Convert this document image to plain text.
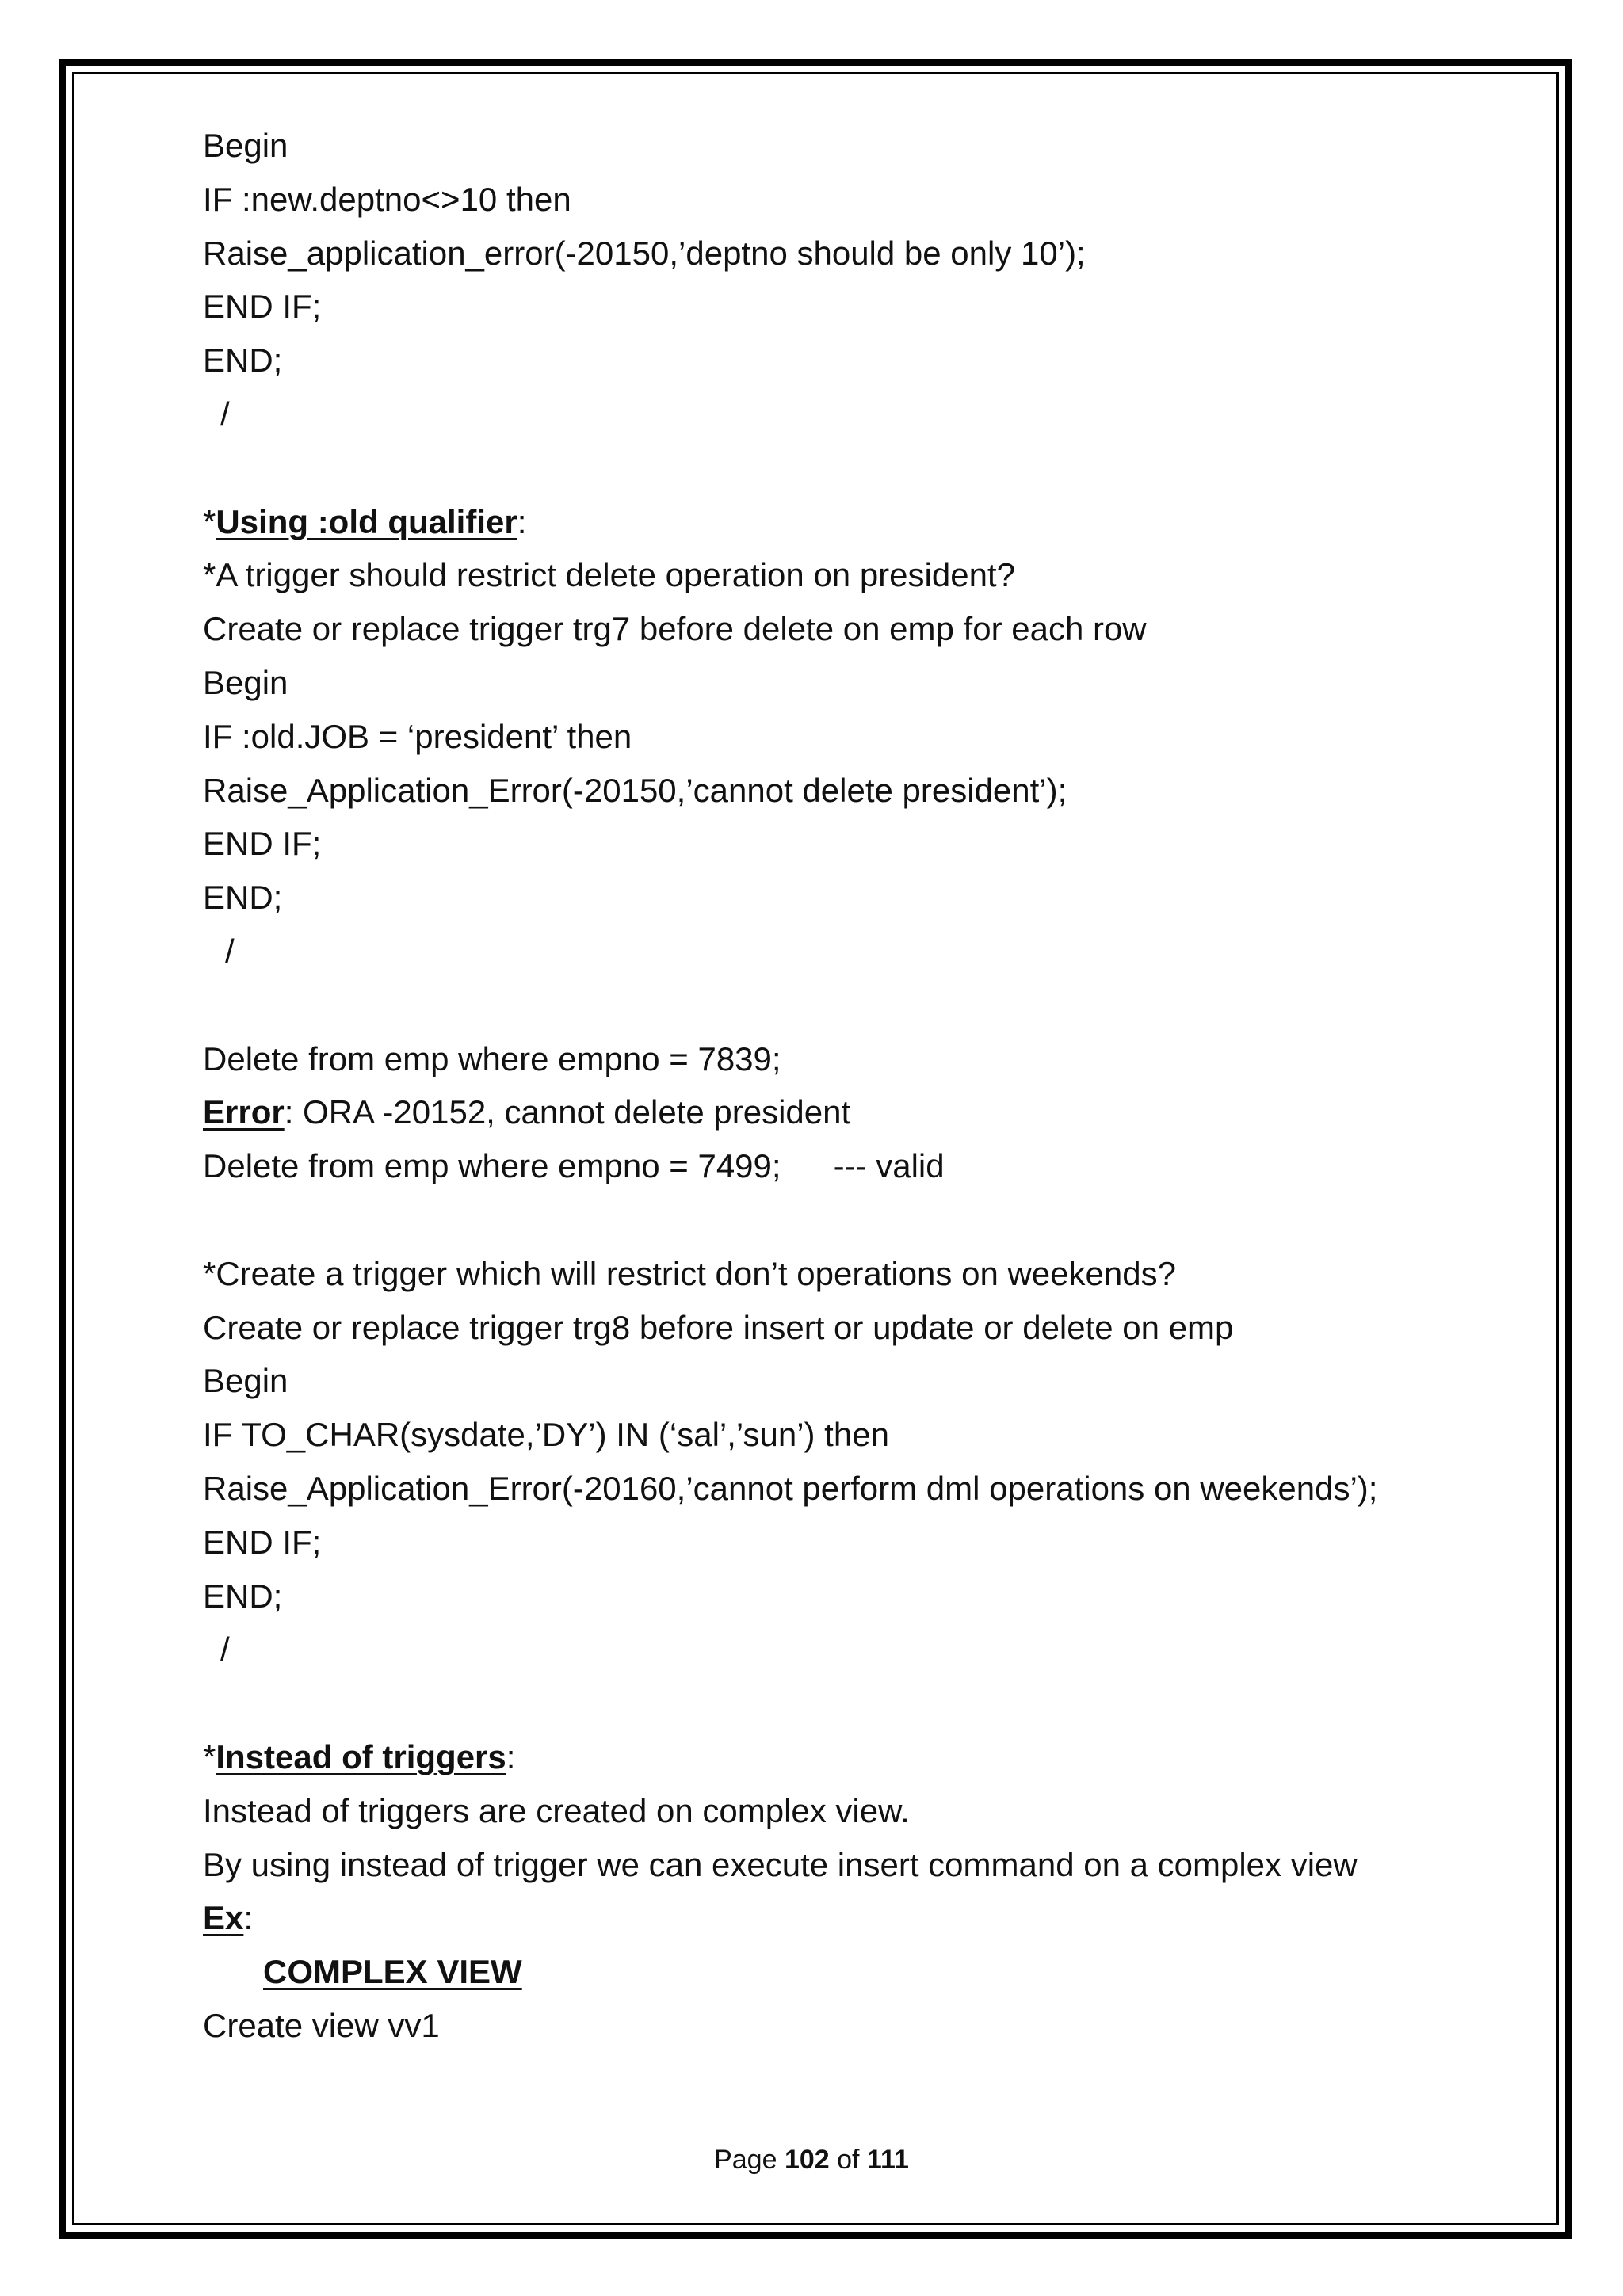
Begin
IF :new.deptno<>10 then
Raise_application_error(-20150,’deptno should be only 10’);
END IF;
END;
/
*Using :old qualifier:
*A trigger should restrict delete operation on president?
Create or replace trigger trg7 before delete on emp for each row
Begin
IF :old.JOB = ‘president’ then
Raise_Application_Error(-20150,’cannot delete president’);
END IF;
END;
/
Delete from emp where empno = 7839;
Error: ORA -20152, cannot delete president
Delete from emp where empno = 7499; --- valid
*Create a trigger which will restrict don’t operations on weekends?
Create or replace trigger trg8 before insert or update or delete on emp
Begin
IF TO_CHAR(sysdate,’DY’) IN (‘sal’,’sun’) then
Raise_Application_Error(-20160,’cannot perform dml operations on weekends’);
END IF;
END;
/
*Instead of triggers:
Instead of triggers are created on complex view.
By using instead of trigger we can execute insert command on a complex view
Ex:
COMPLEX VIEW
Create view vv1
Page 102 of 111
